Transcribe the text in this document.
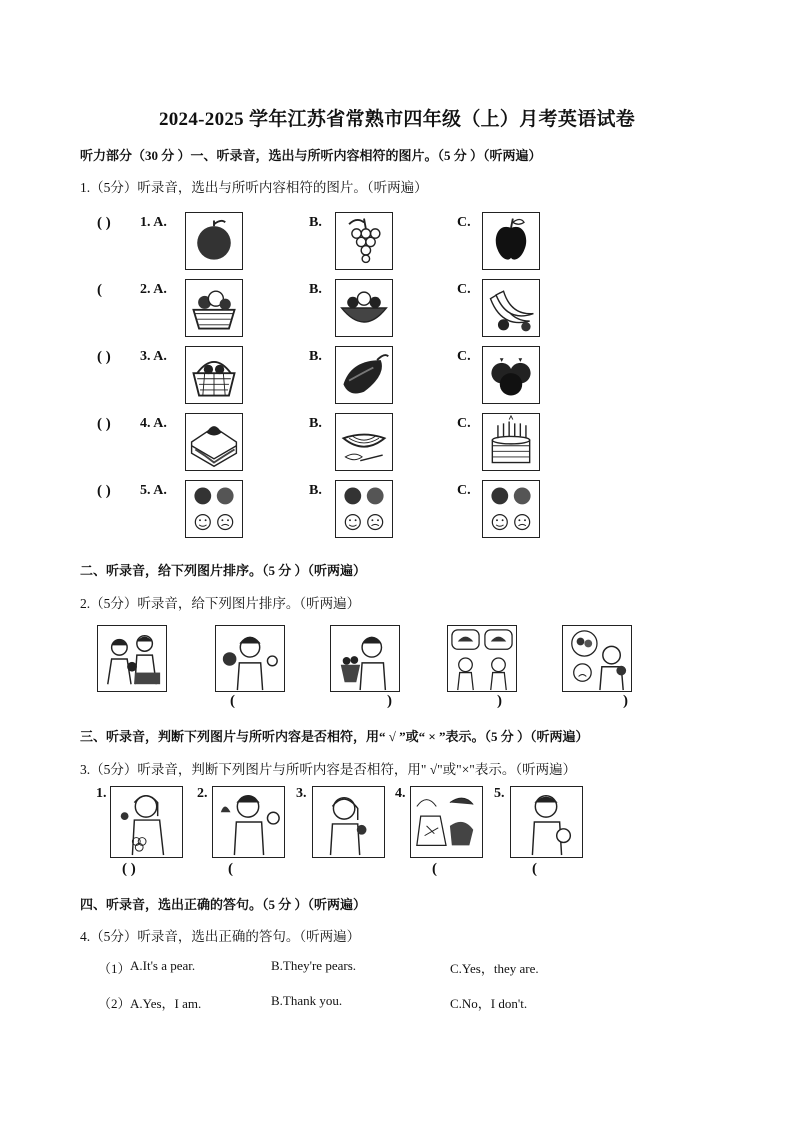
2024-2025 学年江苏省常熟市四年级（上）月考英语试卷
听力部分（30 分 ）一、听录音，选出与所听内容相符的图片。（5 分 ）（听两遍）
1.（5分）听录音，选出与所听内容相符的图片。（听两遍）
( ) 1. A.	B.	C.
(	2. A.	B.	C.
( ) 3. A.	B.	C.
( ) 4. A.	B.	C.
( ) 5. A.	B.	C.
二、听录音，给下列图片排序。（5 分 ）（听两遍）
2.（5分）听录音，给下列图片排序。（听两遍）
(	)	)	)
三、听录音，判断下列图片与所听内容是否相符，用“ √ ”或“ × ”表示。（5 分 ）（听两遍）
3.（5分）听录音，判断下列图片与所听内容是否相符，用" √"或"×"表示。（听两遍）
1.	2.	3.	4.	5.
( )	(	(	(
四、听录音，选出正确的答句。（5 分 ）（听两遍）
4.（5分）听录音，选出正确的答句。（听两遍）
（1） A.It's a pear.	B.They're pears.	C.Yes，they are.
（2） A.Yes，I am.	B.Thank you.	C.No，I don't.
